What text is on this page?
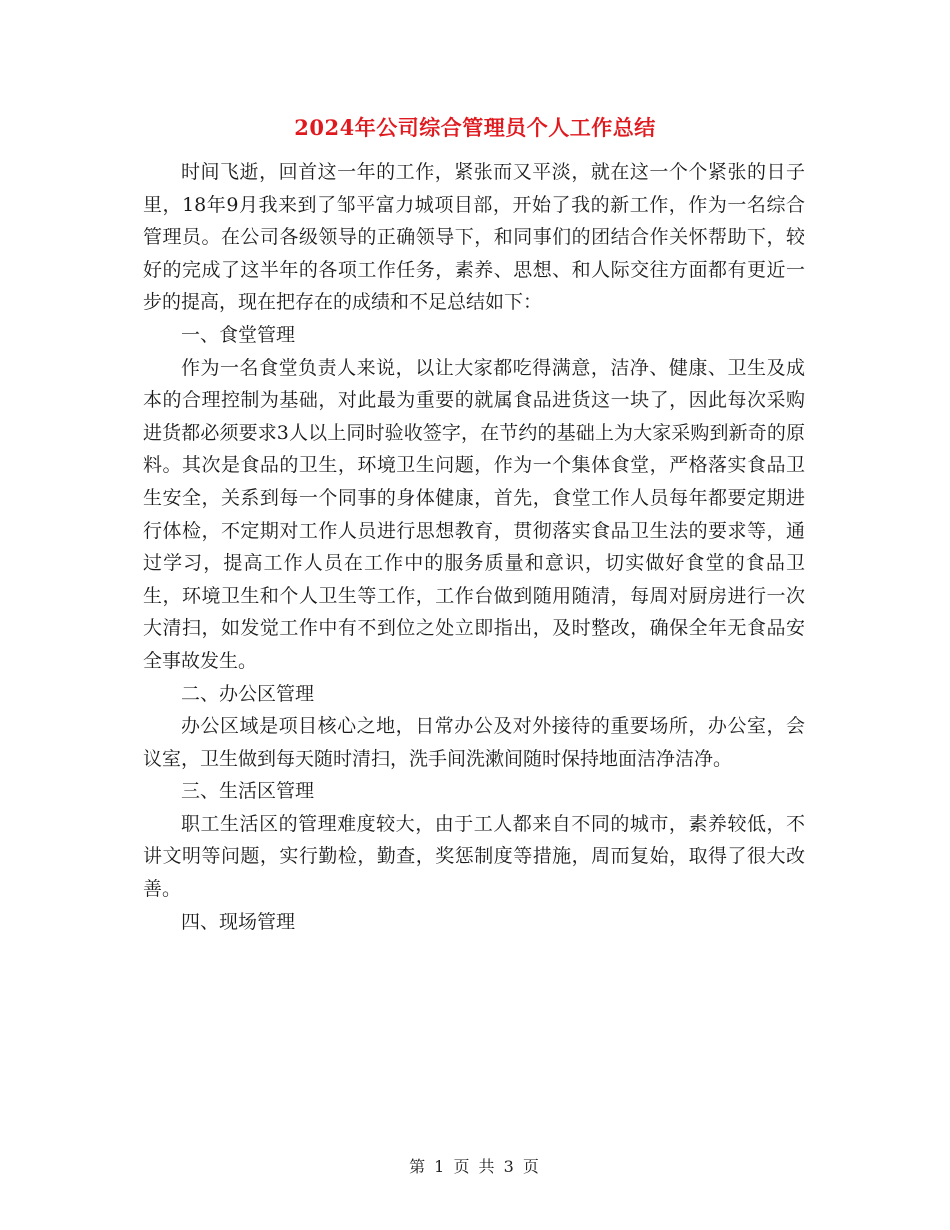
2024年公司综合管理员个人工作总结

时间飞逝，回首这一年的工作，紧张而又平淡，就在这一个个紧张的日子里，18年9月我来到了邹平富力城项目部，开始了我的新工作，作为一名综合管理员。在公司各级领导的正确领导下，和同事们的团结合作关怀帮助下，较好的完成了这半年的各项工作任务，素养、思想、和人际交往方面都有更近一步的提高，现在把存在的成绩和不足总结如下：

一、食堂管理

作为一名食堂负责人来说，以让大家都吃得满意，洁净、健康、卫生及成本的合理控制为基础，对此最为重要的就属食品进货这一块了，因此每次采购进货都必须要求3人以上同时验收签字，在节约的基础上为大家采购到新奇的原料。其次是食品的卫生，环境卫生问题，作为一个集体食堂，严格落实食品卫生安全，关系到每一个同事的身体健康，首先，食堂工作人员每年都要定期进行体检，不定期对工作人员进行思想教育，贯彻落实食品卫生法的要求等，通过学习，提高工作人员在工作中的服务质量和意识，切实做好食堂的食品卫生，环境卫生和个人卫生等工作，工作台做到随用随清，每周对厨房进行一次大清扫，如发觉工作中有不到位之处立即指出，及时整改，确保全年无食品安全事故发生。

二、办公区管理

办公区域是项目核心之地，日常办公及对外接待的重要场所，办公室，会议室，卫生做到每天随时清扫，洗手间洗漱间随时保持地面洁净洁净。

三、生活区管理

职工生活区的管理难度较大，由于工人都来自不同的城市，素养较低，不讲文明等问题，实行勤检，勤查，奖惩制度等措施，周而复始，取得了很大改善。

四、现场管理

第 1 页 共 3 页
